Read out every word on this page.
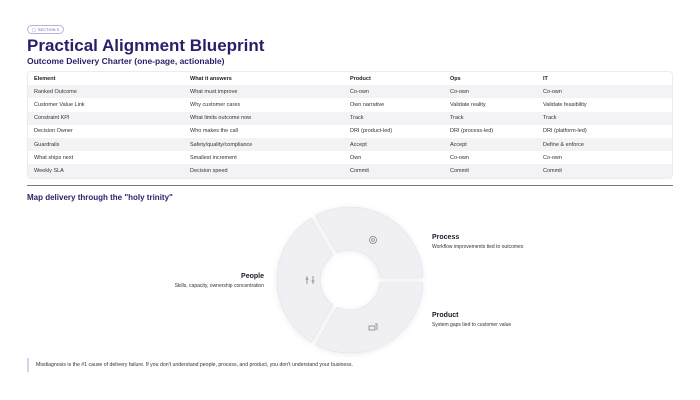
▢ SECTION 3
Practical Alignment Blueprint
Outcome Delivery Charter (one-page, actionable)
Element	What it answers	Product	Ops	IT
Ranked Outcome	What must improve	Co-own	Co-own	Co-own
Customer Value Link	Why customer cares	Own narrative	Validate reality	Validate feasibility
Constraint KPI	What limits outcome now	Track	Track	Track
Decision Owner	Who makes the call	DRI (product-led)	DRI (process-led)	DRI (platform-led)
Guardrails	Safety/quality/compliance	Accept	Accept	Define & enforce
What ships next	Smallest increment	Own	Co-own	Co-own
Weekly SLA	Decision speed	Commit	Commit	Commit
Map delivery through the "holy trinity"
Process
Workflow improvements tied to outcomes
People
Skills, capacity, ownership concentration
Product
System gaps tied to customer value
Misdiagnosis is the #1 cause of delivery failure. If you don't understand people, process, and product, you don't understand your business.
